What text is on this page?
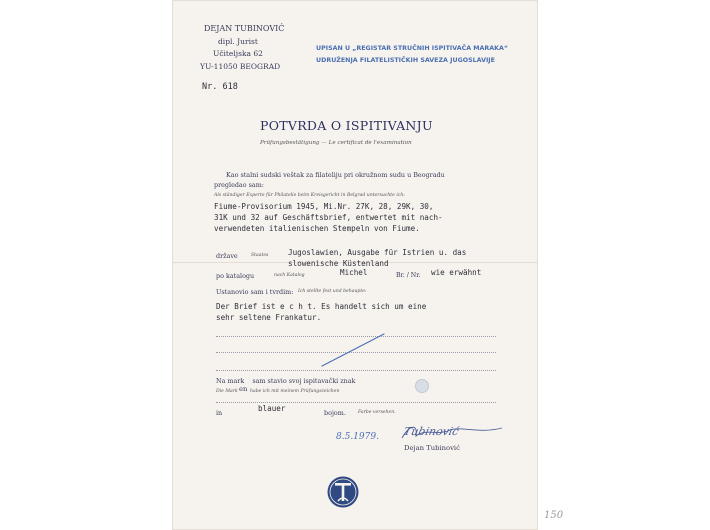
DEJAN TUBINOVIĆ
dipl. Jurist
Učiteljska 62
YU-11050 BEOGRAD
UPISAN U „REGISTAR STRUČNIH ISPITIVAČA MARAKA“
UDRUŽENJA FILATELISTIČKIH SAVEZA JUGOSLAVIJE
Nr. 618
POTVRDA O ISPITIVANJU
Prüfungsbestätigung — Le certificat de l'examination
Kao stalni sudski veštak za filateliju pri okružnom sudu u Beogradu
pregledao sam:
Als ständiger Experte für Philatelie beim Kreisgericht in Belgrad untersuchte ich:
Fiume-Provisorium 1945, Mi.Nr. 27K, 28, 29K, 30,
31K und 32 auf Geschäftsbrief, entwertet mit nach-
verwendeten italienischen Stempeln von Fiume.
države	Staates	Jugoslawien, Ausgabe für Istrien u. das
slowenische Küstenland
po katalogu	nach Katalog	Michel	Br. / Nr. wie erwähnt
Ustanovio sam i tvrdim: Ich stellte fest und behaupte:
Der Brief ist e c h t. Es handelt sich um eine
sehr seltene Frankatur.
Na mark    sam stavio svoj ispitavački znak
Die Mark en habe ich mit meinem Prüfungszeichen
in	blauer	bojom.	Farbe versehen.
8.5.1979. Tubinović
Dejan Tubinović
150
